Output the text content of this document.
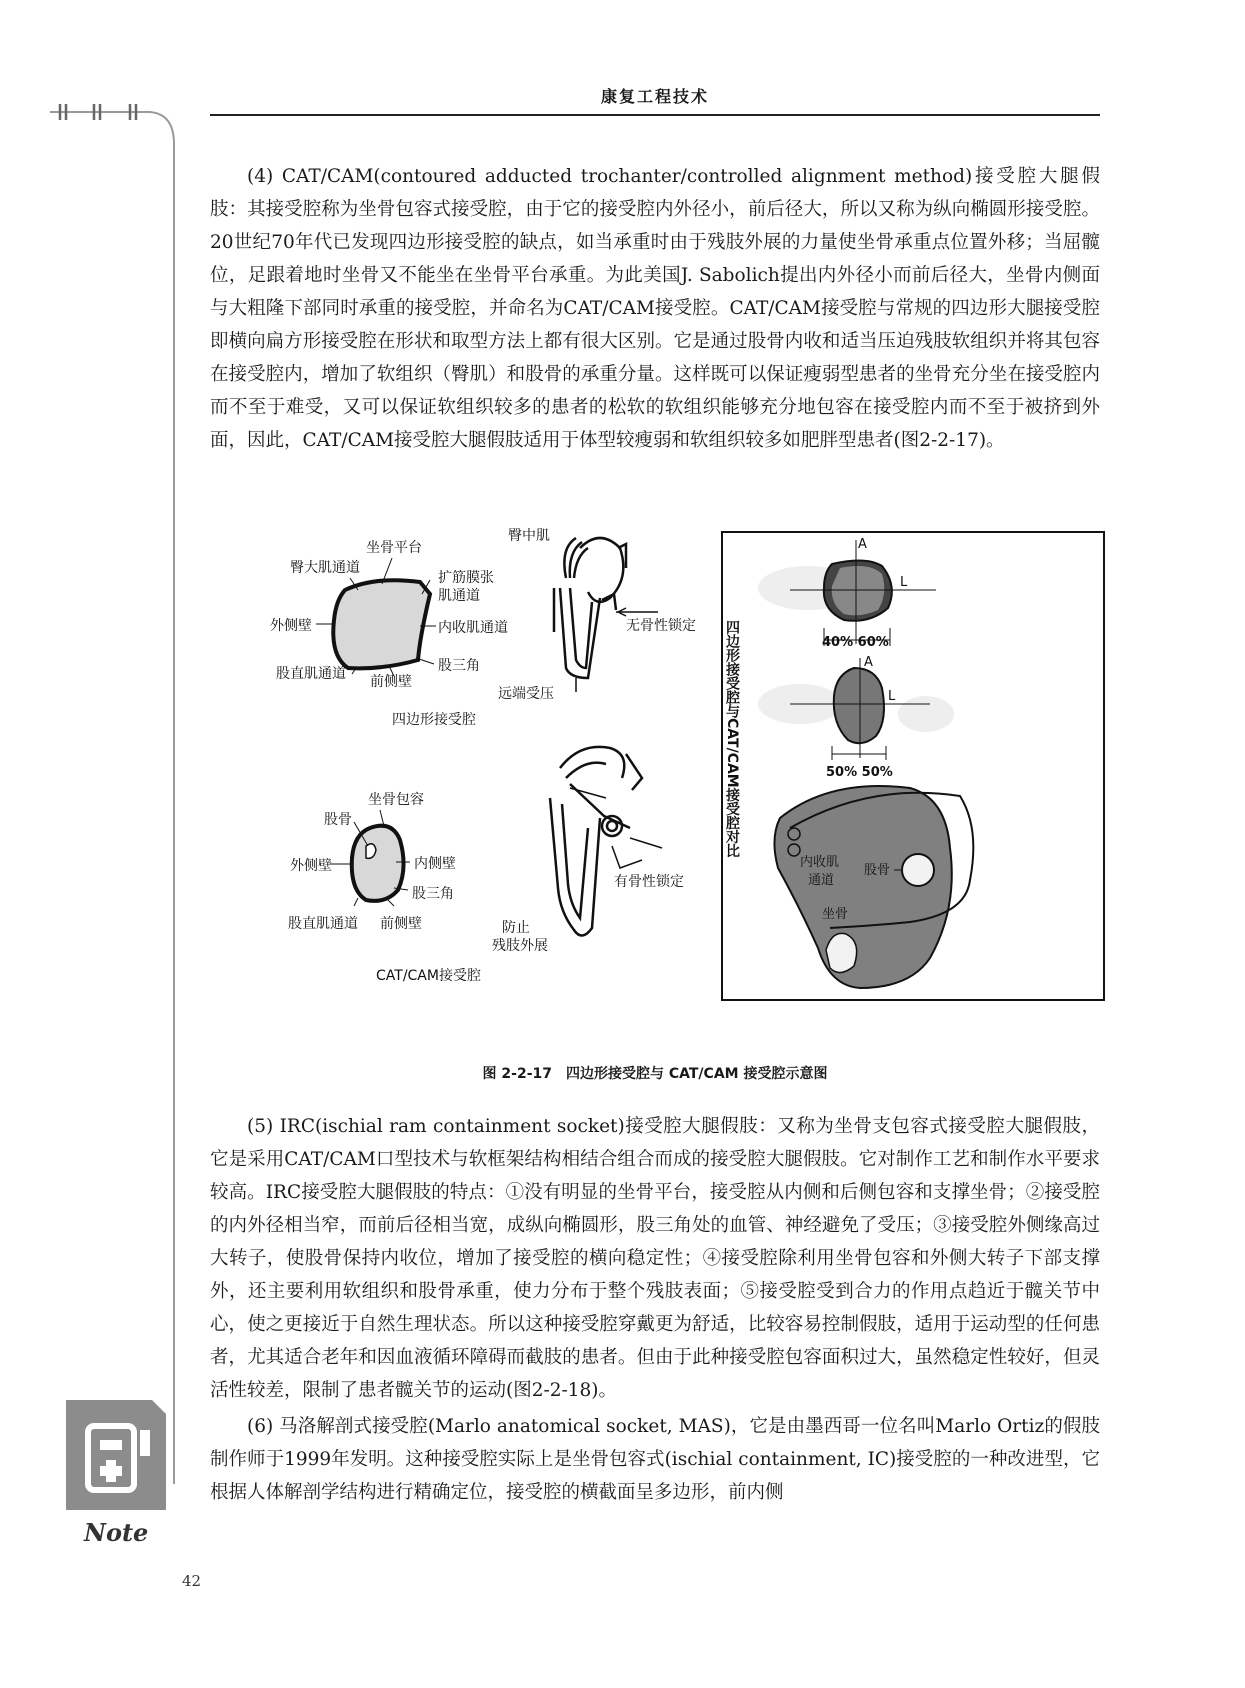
康复工程技术

(4) CAT/CAM(contoured adducted trochanter/controlled alignment method)接受腔大腿假肢：其接受腔称为坐骨包容式接受腔，由于它的接受腔内外径小，前后径大，所以又称为纵向椭圆形接受腔。20世纪70年代已发现四边形接受腔的缺点，如当承重时由于残肢外展的力量使坐骨承重点位置外移；当屈髋位，足跟着地时坐骨又不能坐在坐骨平台承重。为此美国J. Sabolich提出内外径小而前后径大，坐骨内侧面与大粗隆下部同时承重的接受腔，并命名为CAT/CAM接受腔。CAT/CAM接受腔与常规的四边形大腿接受腔即横向扁方形接受腔在形状和取型方法上都有很大区别。它是通过股骨内收和适当压迫残肢软组织并将其包容在接受腔内，增加了软组织（臀肌）和股骨的承重分量。这样既可以保证瘦弱型患者的坐骨充分坐在接受腔内而不至于难受，又可以保证软组织较多的患者的松软的软组织能够充分地包容在接受腔内而不至于被挤到外面，因此，CAT/CAM接受腔大腿假肢适用于体型较瘦弱和软组织较多如肥胖型患者(图2-2-17)。

坐骨平台
臀大肌通道
扩筋膜张
肌通道
外侧壁	内收肌通道
股三角
股直肌通道 前侧壁
四边形接受腔
臀中肌
无骨性锁定
远端受压
坐骨包容
股骨
外侧壁	内侧壁
股三角
股直肌通道 前侧壁
CAT/CAM接受腔
有骨性锁定
防止
残肢外展
四边形接受腔与CAT/CAM接受腔对比
A
L
40% 60%
A
L
50% 50%
内收肌
通道
股骨
坐骨
图 2-2-17　四边形接受腔与 CAT/CAM 接受腔示意图

(5) IRC(ischial ram containment socket)接受腔大腿假肢：又称为坐骨支包容式接受腔大腿假肢，它是采用CAT/CAM口型技术与软框架结构相结合组合而成的接受腔大腿假肢。它对制作工艺和制作水平要求较高。IRC接受腔大腿假肢的特点：①没有明显的坐骨平台，接受腔从内侧和后侧包容和支撑坐骨；②接受腔的内外径相当窄，而前后径相当宽，成纵向椭圆形，股三角处的血管、神经避免了受压；③接受腔外侧缘高过大转子，使股骨保持内收位，增加了接受腔的横向稳定性；④接受腔除利用坐骨包容和外侧大转子下部支撑外，还主要利用软组织和股骨承重，使力分布于整个残肢表面；⑤接受腔受到合力的作用点趋近于髋关节中心，使之更接近于自然生理状态。所以这种接受腔穿戴更为舒适，比较容易控制假肢，适用于运动型的任何患者，尤其适合老年和因血液循环障碍而截肢的患者。但由于此种接受腔包容面积过大，虽然稳定性较好，但灵活性较差，限制了患者髋关节的运动(图2-2-18)。

(6) 马洛解剖式接受腔(Marlo anatomical socket, MAS)，它是由墨西哥一位名叫Marlo Ortiz的假肢制作师于1999年发明。这种接受腔实际上是坐骨包容式(ischial containment, IC)接受腔的一种改进型，它根据人体解剖学结构进行精确定位，接受腔的横截面呈多边形，前内侧

Note
42
